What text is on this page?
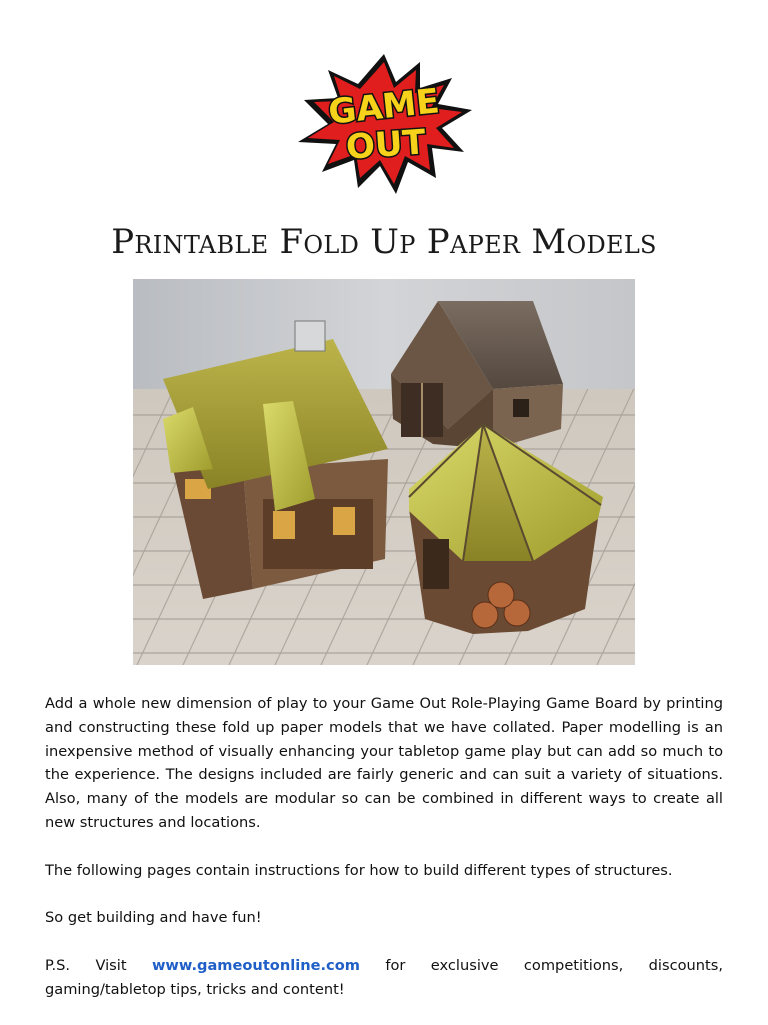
GAME
OUT
Printable Fold Up Paper Models

Add a whole new dimension of play to your Game Out Role-Playing Game Board by printing and constructing these fold up paper models that we have collated. Paper modelling is an inexpensive method of visually enhancing your tabletop game play but can add so much to the experience. The designs included are fairly generic and can suit a variety of situations. Also, many of the models are modular so can be combined in different ways to create all new structures and locations.

The following pages contain instructions for how to build different types of structures.

So get building and have fun!

P.S. Visit www.gameoutonline.com for exclusive competitions, discounts, gaming/tabletop tips, tricks and content!
